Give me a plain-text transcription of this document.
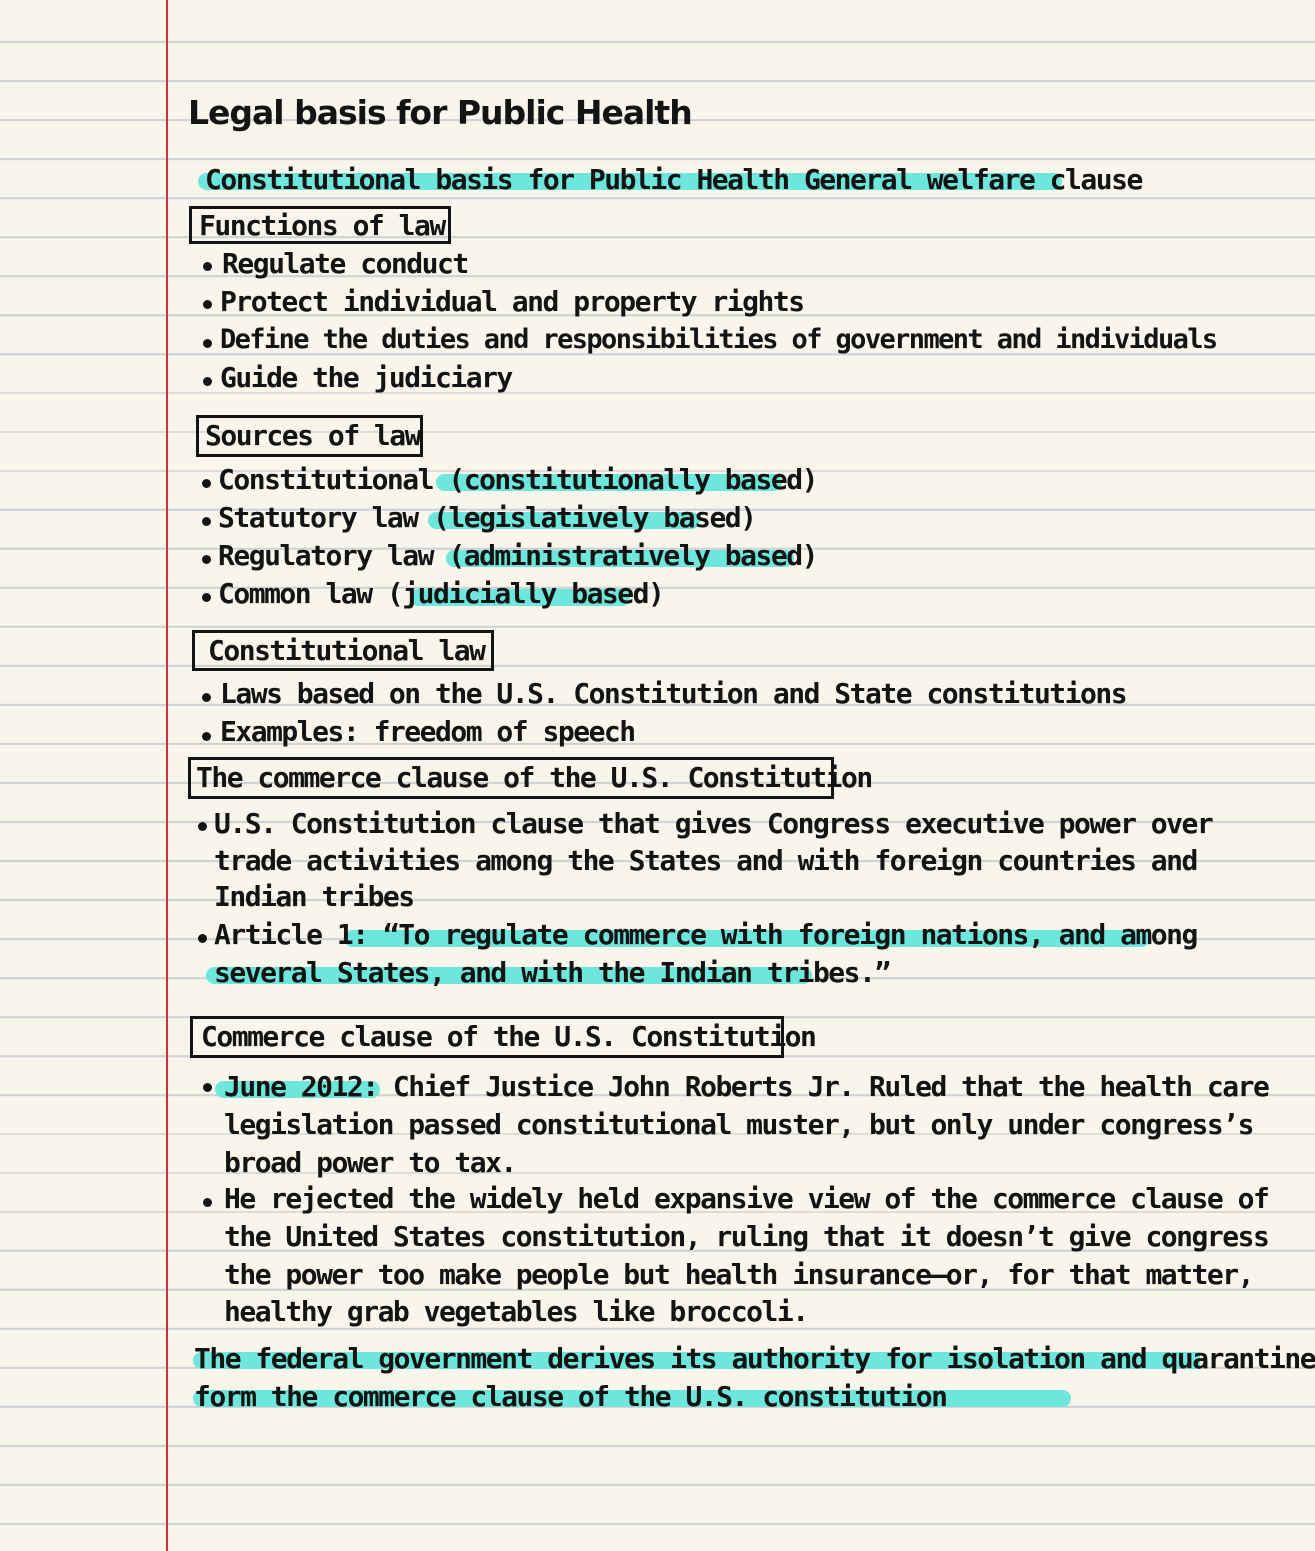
Legal basis for Public Health
Constitutional basis for Public Health General welfare clause
Functions of law
Regulate conduct
Protect individual and property rights
Define the duties and responsibilities of government and individuals
Guide the judiciary
Sources of law
Constitutional (constitutionally based)
Statutory law (legislatively based)
Regulatory law (administratively based)
Common law (judicially based)
Constitutional law
Laws based on the U.S. Constitution and State constitutions
Examples: freedom of speech
The commerce clause of the U.S. Constitution
U.S. Constitution clause that gives Congress executive power over
trade activities among the States and with foreign countries and
Indian tribes
Article 1: “To regulate commerce with foreign nations, and among
several States, and with the Indian tribes.”
Commerce clause of the U.S. Constitution
June 2012: Chief Justice John Roberts Jr. Ruled that the health care
legislation passed constitutional muster, but only under congress’s
broad power to tax.
He rejected the widely held expansive view of the commerce clause of
the United States constitution, ruling that it doesn’t give congress
the power too make people but health insurance—or, for that matter,
healthy grab vegetables like broccoli.
The federal government derives its authority for isolation and quarantine
form the commerce clause of the U.S. constitution
